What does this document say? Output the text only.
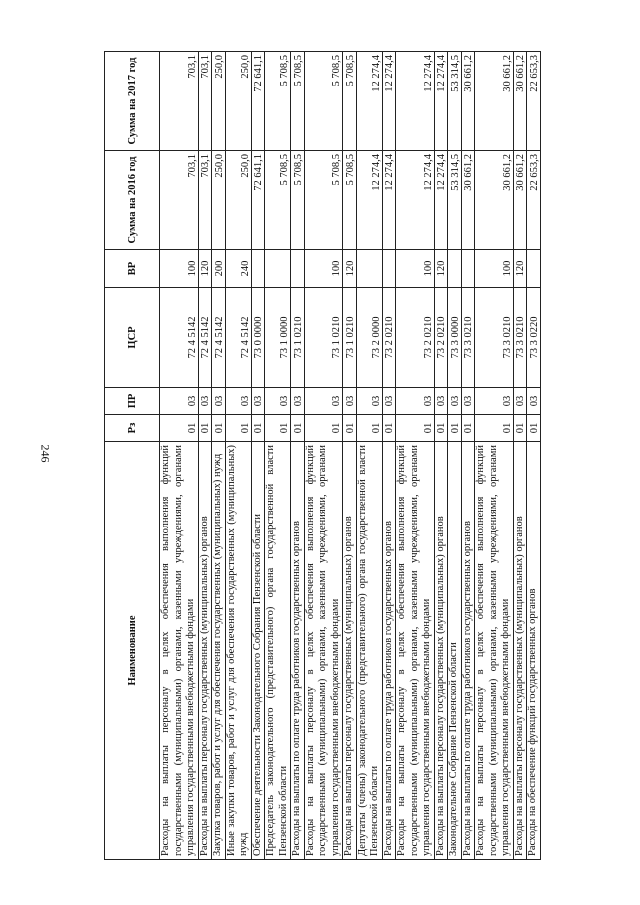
246
Наименование	Рз	ПР	ЦСР	ВР	Сумма на 2016 год	Сумма на 2017 год
Расходы на выплаты персоналу в целях обеспечения выполнения функций государственными (муниципальными) органами, казенными учреждениями, органами управления государственными внебюджетными фондами	01	03	72 4 5142	100	703,1	703,1
Расходы на выплаты персоналу государственных (муниципальных) органов	01	03	72 4 5142	120	703,1	703,1
Закупка товаров, работ и услуг для обеспечения государственных (муниципальных) нужд	01	03	72 4 5142	200	250,0	250,0
Иные закупки товаров, работ и услуг для обеспечения государственных (муниципальных) нужд	01	03	72 4 5142	240	250,0	250,0
Обеспечение деятельности Законодательного Собрания Пензенской области	01	03	73 0 0000		72 641,1	72 641,1
Председатель законодательного (представительного) органа государственной власти Пензенской области	01	03	73 1 0000		5 708,5	5 708,5
Расходы на выплаты по оплате труда работников государственных органов	01	03	73 1 0210		5 708,5	5 708,5
Расходы на выплаты персоналу в целях обеспечения выполнения функций государственными (муниципальными) органами, казенными учреждениями, органами управления государственными внебюджетными фондами	01	03	73 1 0210	100	5 708,5	5 708,5
Расходы на выплаты персоналу государственных (муниципальных) органов	01	03	73 1 0210	120	5 708,5	5 708,5
Депутаты (члены) законодательного (представительного) органа государственной власти Пензенской области	01	03	73 2 0000		12 274,4	12 274,4
Расходы на выплаты по оплате труда работников государственных органов	01	03	73 2 0210		12 274,4	12 274,4
Расходы на выплаты персоналу в целях обеспечения выполнения функций государственными (муниципальными) органами, казенными учреждениями, органами управления государственными внебюджетными фондами	01	03	73 2 0210	100	12 274,4	12 274,4
Расходы на выплаты персоналу государственных (муниципальных) органов	01	03	73 2 0210	120	12 274,4	12 274,4
Законодательное Собрание Пензенской области	01	03	73 3 0000		53 314,5	53 314,5
Расходы на выплаты по оплате труда работников государственных органов	01	03	73 3 0210		30 661,2	30 661,2
Расходы на выплаты персоналу в целях обеспечения выполнения функций государственными (муниципальными) органами, казенными учреждениями, органами управления государственными внебюджетными фондами	01	03	73 3 0210	100	30 661,2	30 661,2
Расходы на выплаты персоналу государственных (муниципальных) органов	01	03	73 3 0210	120	30 661,2	30 661,2
Расходы на обеспечение функций государственных органов	01	03	73 3 0220		22 653,3	22 653,3
